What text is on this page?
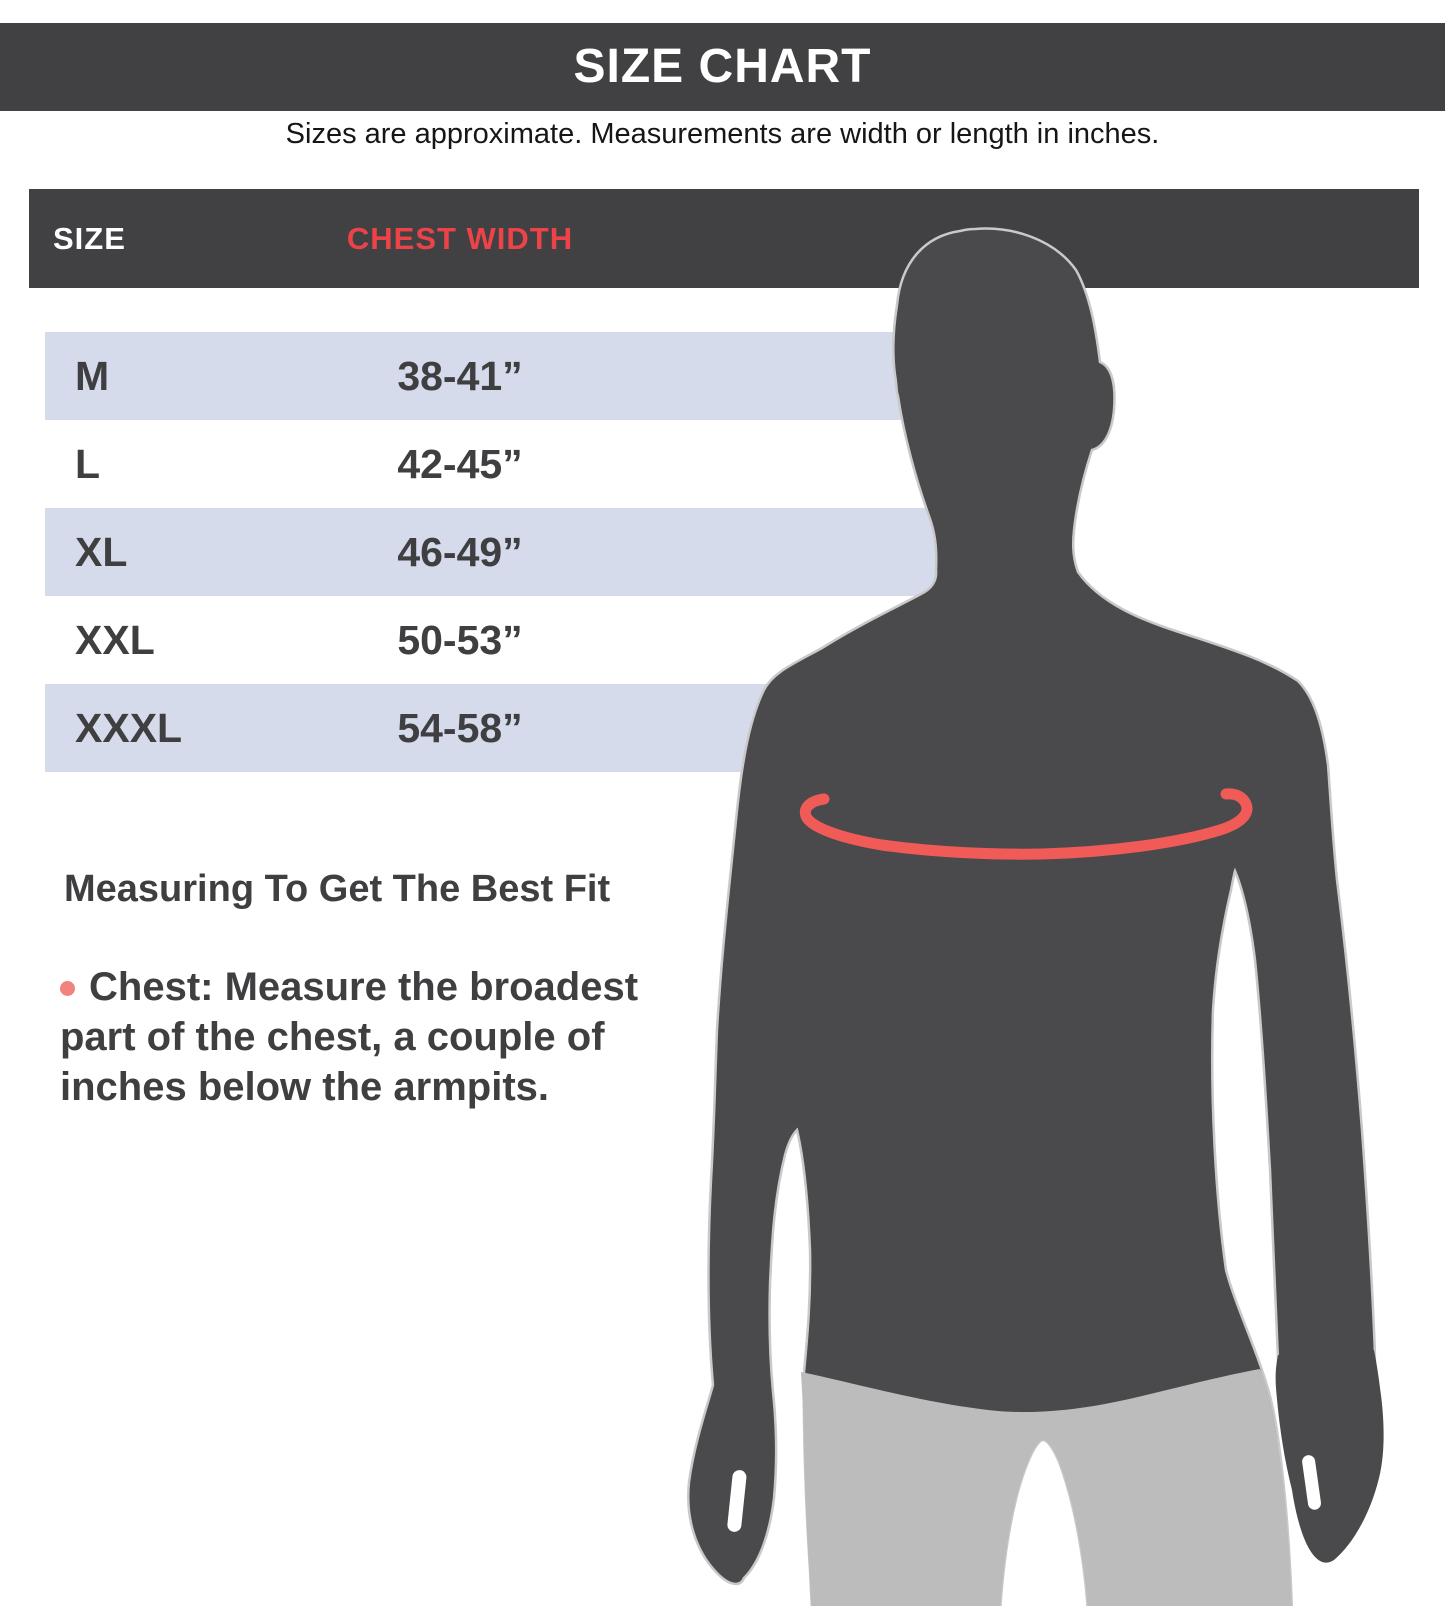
SIZE CHART
Sizes are approximate. Measurements are width or length in inches.
SIZE	CHEST WIDTH
M	38-41”
L	42-45”
XL	46-49”
XXL	50-53”
XXXL	54-58”
Measuring To Get The Best Fit
Chest: Measure the broadest
part of the chest, a couple of
inches below the armpits.
